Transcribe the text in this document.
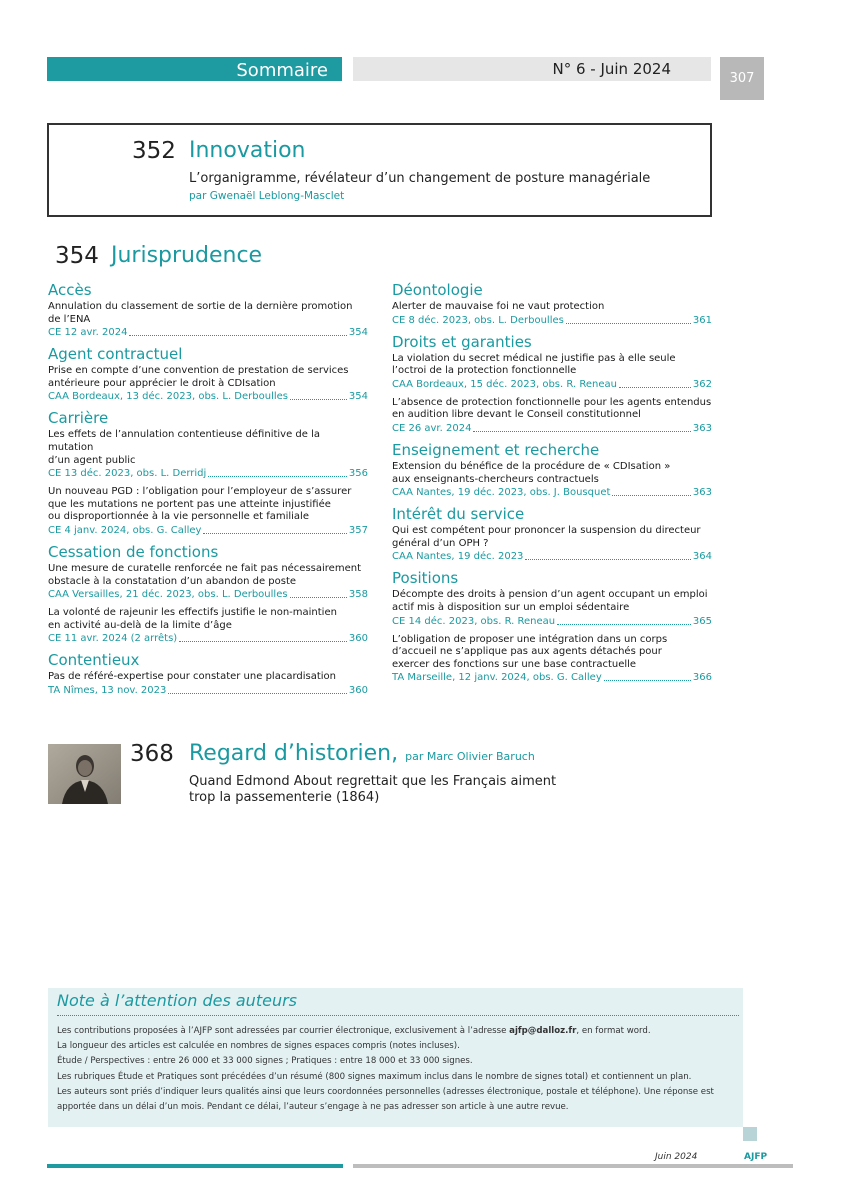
Sommaire	N° 6 - Juin 2024
307
352 Innovation
L’organigramme, révélateur d’un changement de posture managériale
par Gwenaël Leblong-Masclet
354 Jurisprudence
Accès
Annulation du classement de sortie de la dernière promotion
de l’ENA
CE 12 avr. 2024	354
Agent contractuel
Prise en compte d’une convention de prestation de services
antérieure pour apprécier le droit à CDIsation
CAA Bordeaux, 13 déc. 2023, obs. L. Derboulles	354
Carrière
Les effets de l’annulation contentieuse définitive de la mutation
d’un agent public
CE 13 déc. 2023, obs. L. Derridj	356
Un nouveau PGD : l’obligation pour l’employeur de s’assurer
que les mutations ne portent pas une atteinte injustifiée
ou disproportionnée à la vie personnelle et familiale
CE 4 janv. 2024, obs. G. Calley	357
Cessation de fonctions
Une mesure de curatelle renforcée ne fait pas nécessairement
obstacle à la constatation d’un abandon de poste
CAA Versailles, 21 déc. 2023, obs. L. Derboulles	358
La volonté de rajeunir les effectifs justifie le non-maintien
en activité au-delà de la limite d’âge
CE 11 avr. 2024 (2 arrêts)	360
Contentieux
Pas de référé-expertise pour constater une placardisation
TA Nîmes, 13 nov. 2023	360
Déontologie
Alerter de mauvaise foi ne vaut protection
CE 8 déc. 2023, obs. L. Derboulles	361
Droits et garanties
La violation du secret médical ne justifie pas à elle seule
l’octroi de la protection fonctionnelle
CAA Bordeaux, 15 déc. 2023, obs. R. Reneau	362
L’absence de protection fonctionnelle pour les agents entendus
en audition libre devant le Conseil constitutionnel
CE 26 avr. 2024	363
Enseignement et recherche
Extension du bénéfice de la procédure de « CDIsation »
aux enseignants-chercheurs contractuels
CAA Nantes, 19 déc. 2023, obs. J. Bousquet	363
Intérêt du service
Qui est compétent pour prononcer la suspension du directeur
général d’un OPH ?
CAA Nantes, 19 déc. 2023	364
Positions
Décompte des droits à pension d’un agent occupant un emploi
actif mis à disposition sur un emploi sédentaire
CE 14 déc. 2023, obs. R. Reneau	365
L’obligation de proposer une intégration dans un corps
d’accueil ne s’applique pas aux agents détachés pour
exercer des fonctions sur une base contractuelle
TA Marseille, 12 janv. 2024, obs. G. Calley	366
368 Regard d’historien, par Marc Olivier Baruch
Quand Edmond About regrettait que les Français aiment
trop la passementerie (1864)
Note à l’attention des auteurs
Les contributions proposées à l’AJFP sont adressées par courrier électronique, exclusivement à l’adresse ajfp@dalloz.fr, en format word.
La longueur des articles est calculée en nombres de signes espaces compris (notes incluses).
Étude / Perspectives : entre 26 000 et 33 000 signes ; Pratiques : entre 18 000 et 33 000 signes.
Les rubriques Étude et Pratiques sont précédées d’un résumé (800 signes maximum inclus dans le nombre de signes total) et contiennent un plan.
Les auteurs sont priés d’indiquer leurs qualités ainsi que leurs coordonnées personnelles (adresses électronique, postale et téléphone). Une réponse est apportée dans un délai d’un mois. Pendant ce délai, l’auteur s’engage à ne pas adresser son article à une autre revue.
Juin 2024	AJFP
